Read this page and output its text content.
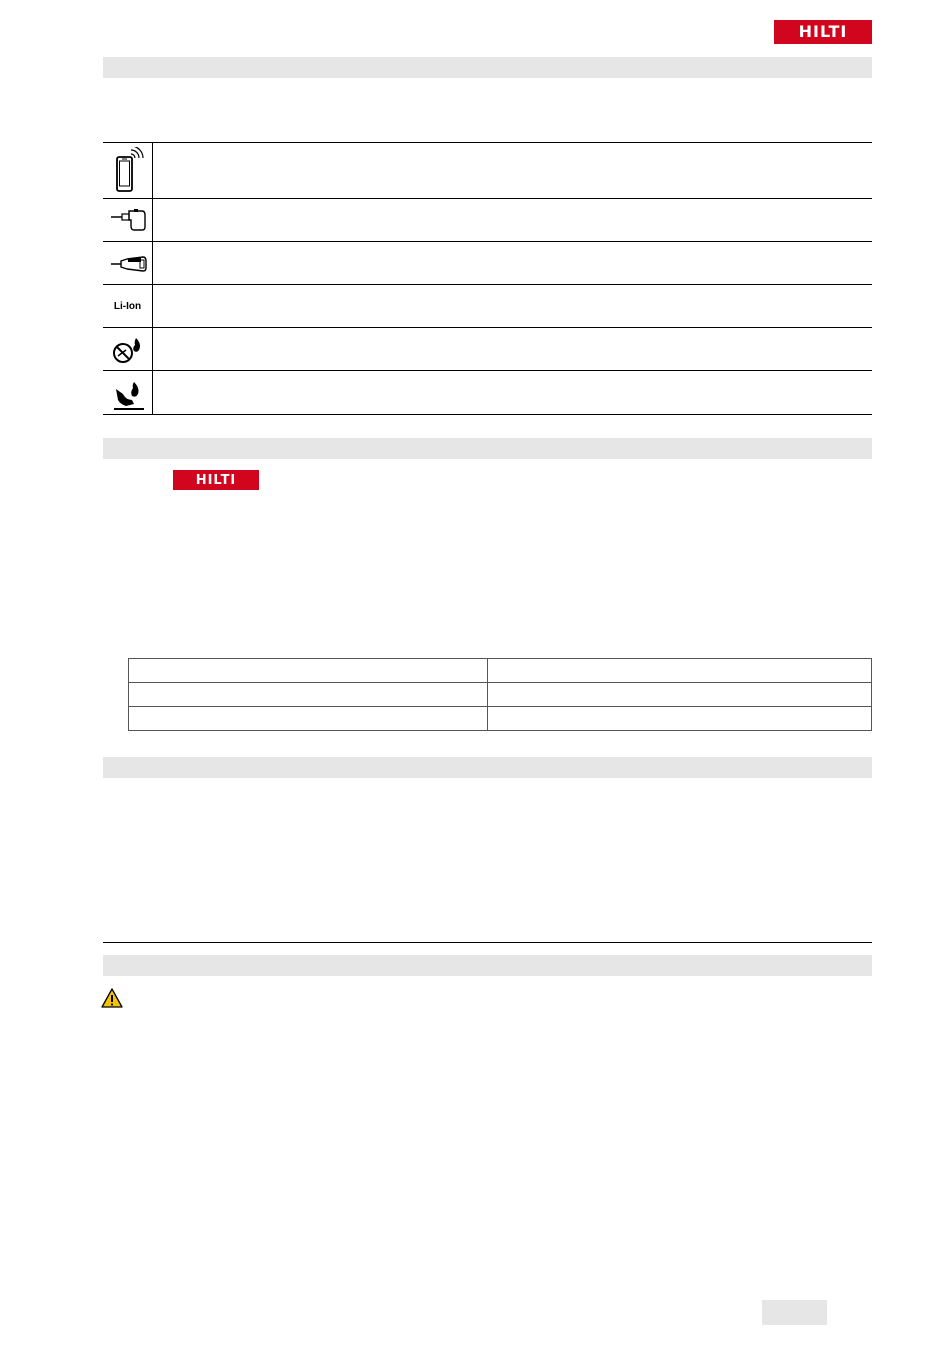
HILTI
Li-Ion
HILTI
